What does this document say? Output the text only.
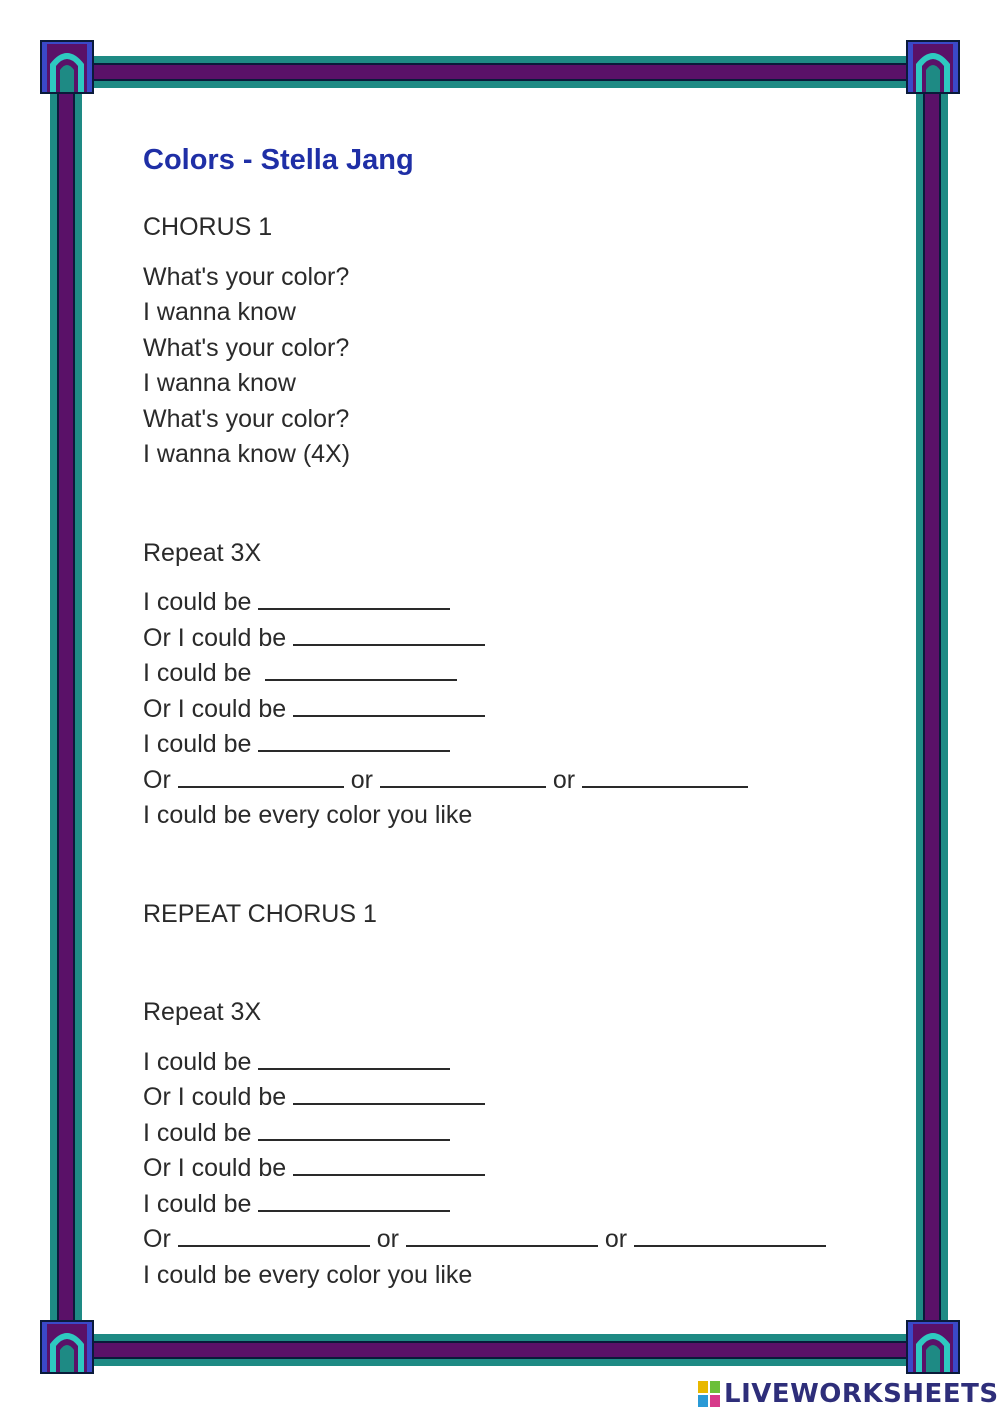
Colors - Stella Jang
CHORUS 1
What's your color?
I wanna know
What's your color?
I wanna know
What's your color?
I wanna know (4X)
Repeat 3X
I could be
Or I could be
I could be
Or I could be
I could be
Or	or	or
I could be every color you like
REPEAT CHORUS 1
Repeat 3X
I could be
Or I could be
I could be
Or I could be
I could be
Or	or	or
I could be every color you like
LIVEWORKSHEETS
